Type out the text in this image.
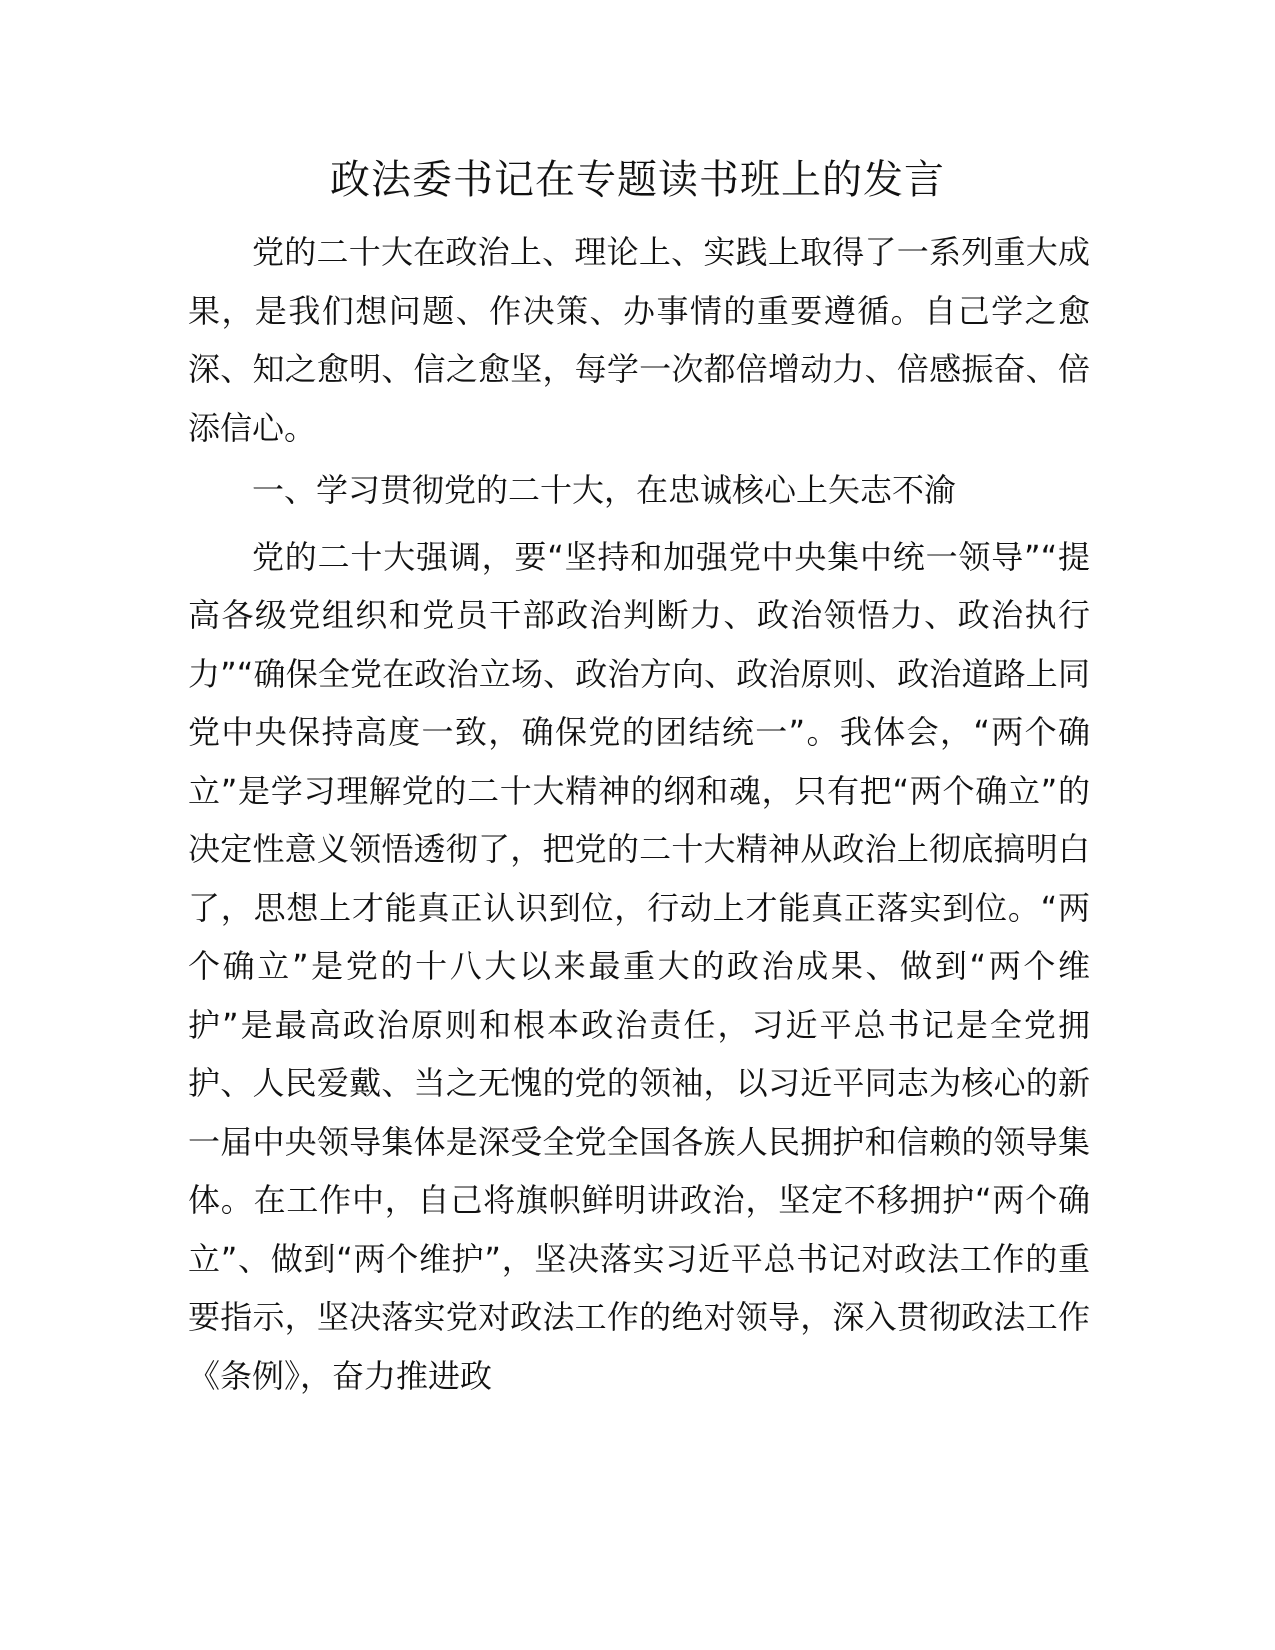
政法委书记在专题读书班上的发言

党的二十大在政治上、理论上、实践上取得了一系列重大成果，是我们想问题、作决策、办事情的重要遵循。自己学之愈深、知之愈明、信之愈坚，每学一次都倍增动力、倍感振奋、倍添信心。

一、学习贯彻党的二十大，在忠诚核心上矢志不渝

党的二十大强调，要“坚持和加强党中央集中统一领导”“提高各级党组织和党员干部政治判断力、政治领悟力、政治执行力”“确保全党在政治立场、政治方向、政治原则、政治道路上同党中央保持高度一致，确保党的团结统一”。我体会，“两个确立”是学习理解党的二十大精神的纲和魂，只有把“两个确立”的决定性意义领悟透彻了，把党的二十大精神从政治上彻底搞明白了，思想上才能真正认识到位，行动上才能真正落实到位。“两个确立”是党的十八大以来最重大的政治成果、做到“两个维护”是最高政治原则和根本政治责任，习近平总书记是全党拥护、人民爱戴、当之无愧的党的领袖，以习近平同志为核心的新一届中央领导集体是深受全党全国各族人民拥护和信赖的领导集体。在工作中，自己将旗帜鲜明讲政治，坚定不移拥护“两个确立”、做到“两个维护”，坚决落实习近平总书记对政法工作的重要指示，坚决落实党对政法工作的绝对领导，深入贯彻政法工作《条例》，奋力推进政
